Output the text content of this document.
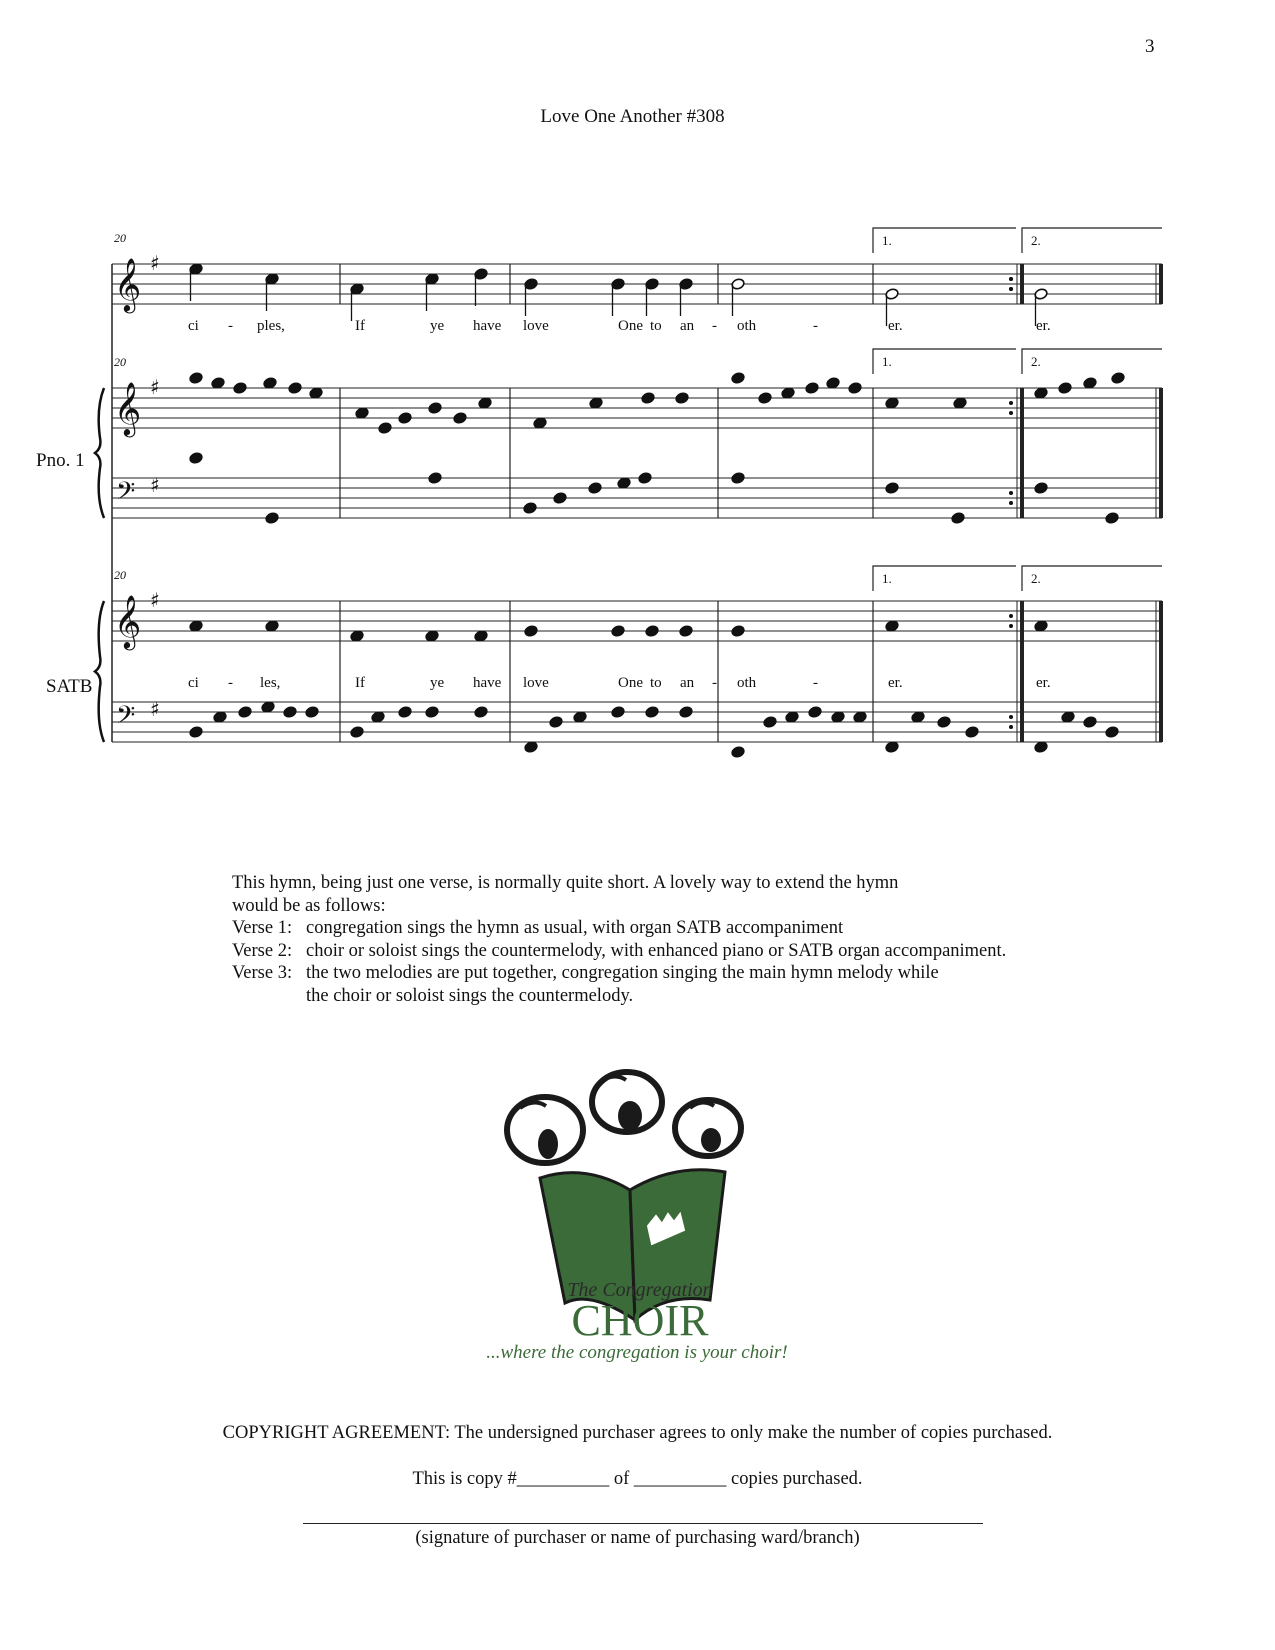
3
Love One Another #308
𝄞 ♯
𝄞 ♯
𝄢 ♯
𝄞 ♯
𝄢 ♯
20
20
20
1.	2.
1.	2.
1.	2.
Pno. 1
SATB
ci - ples,	If	ye have love	One to an - oth	-	er.	er.
ci - les,	If	ye have love	One to an - oth	-	er.	er.
This hymn, being just one verse, is normally quite short. A lovely way to extend the hymn
would be as follows:
Verse 1: congregation sings the hymn as usual, with organ SATB accompaniment
Verse 2: choir or soloist sings the countermelody, with enhanced piano or SATB organ accompaniment.
Verse 3: the two melodies are put together, congregation singing the main hymn melody while
the choir or soloist sings the countermelody.
The Congregation
CHOIR
...where the congregation is your choir!
COPYRIGHT AGREEMENT: The undersigned purchaser agrees to only make the number of copies purchased.
This is copy #__________ of __________ copies purchased.
(signature of purchaser or name of purchasing ward/branch)
